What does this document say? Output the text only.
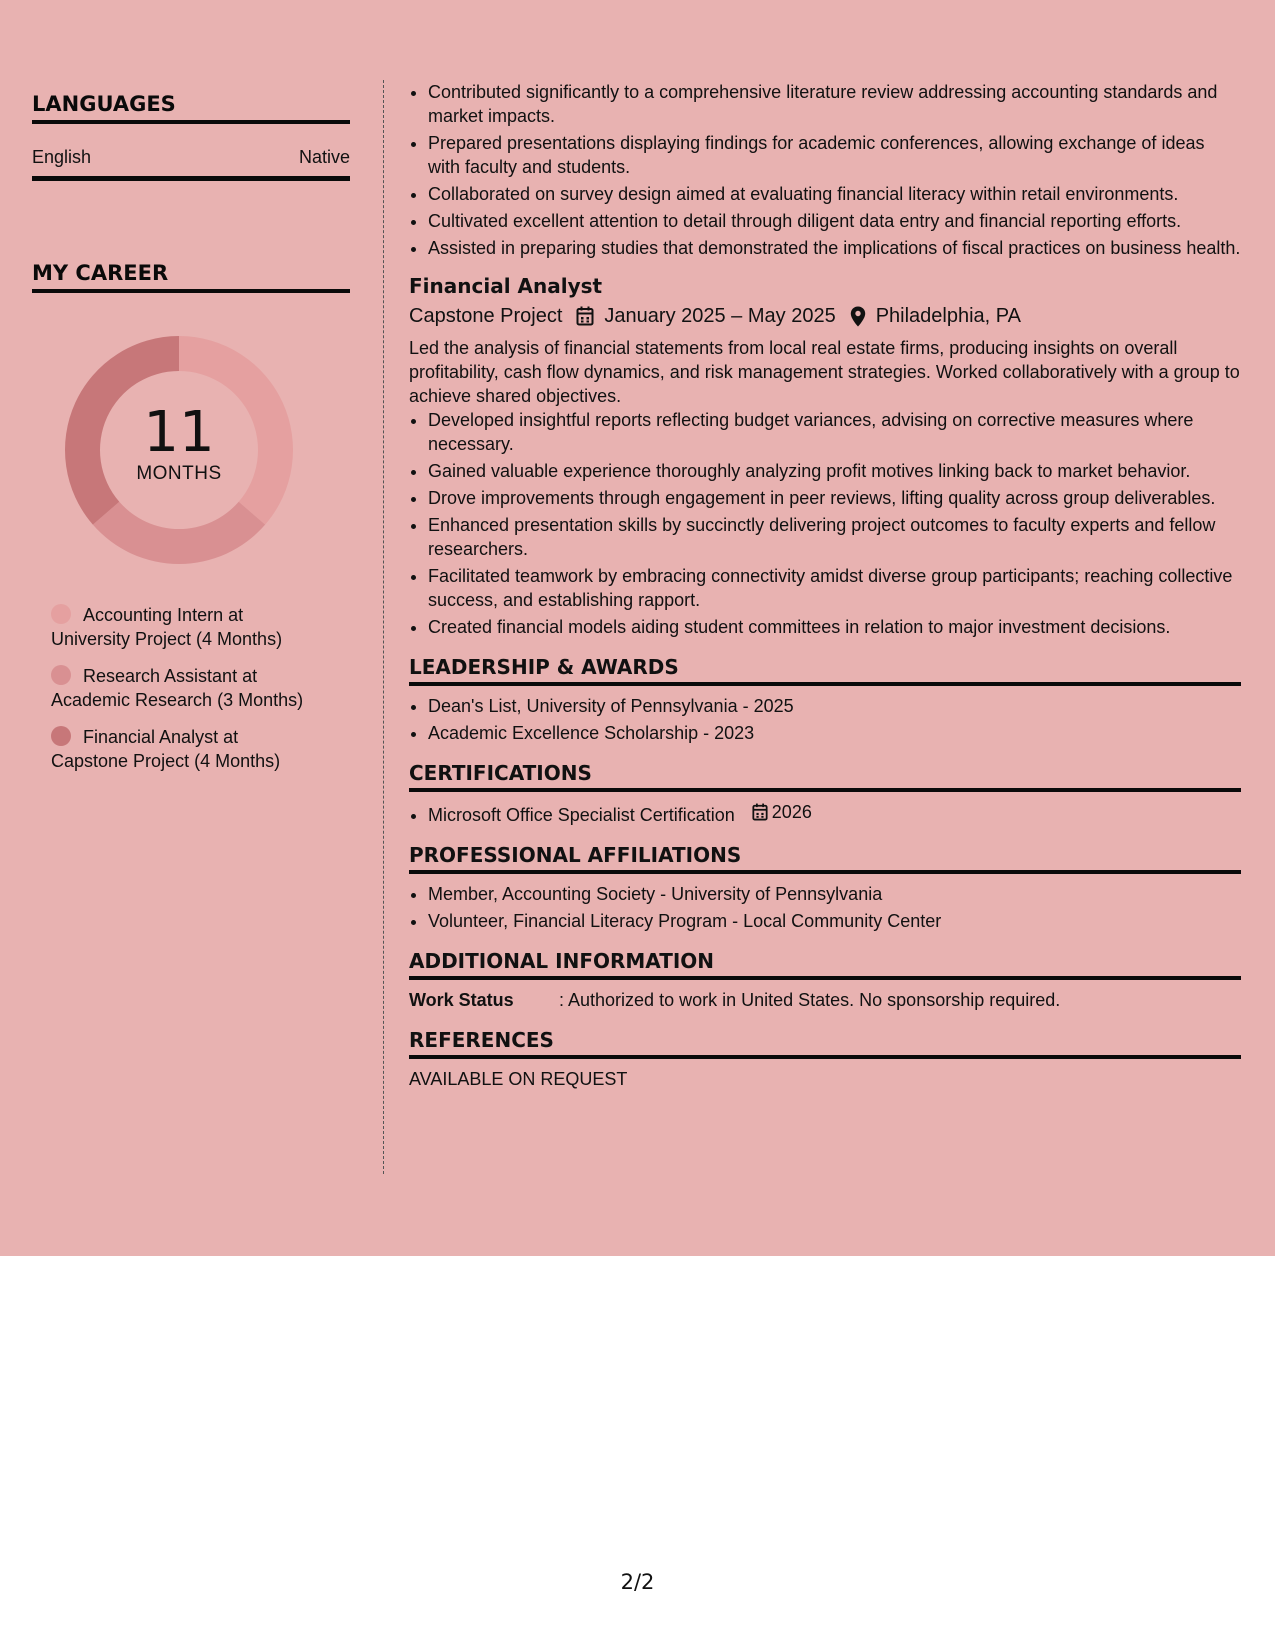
LANGUAGES
English	Native
MY CAREER
11
MONTHS
Accounting Intern at
University Project (4 Months)
Research Assistant at
Academic Research (3 Months)
Financial Analyst at
Capstone Project (4 Months)
• Contributed significantly to a comprehensive literature review addressing accounting standards and market impacts.
• Prepared presentations displaying findings for academic conferences, allowing exchange of ideas with faculty and students.
• Collaborated on survey design aimed at evaluating financial literacy within retail environments.
• Cultivated excellent attention to detail through diligent data entry and financial reporting efforts.
• Assisted in preparing studies that demonstrated the implications of fiscal practices on business health.
Financial Analyst
Capstone Project January 2025 – May 2025 Philadelphia, PA
Led the analysis of financial statements from local real estate firms, producing insights on overall profitability, cash flow dynamics, and risk management strategies. Worked collaboratively with a group to achieve shared objectives.
• Developed insightful reports reflecting budget variances, advising on corrective measures where necessary.
• Gained valuable experience thoroughly analyzing profit motives linking back to market behavior.
• Drove improvements through engagement in peer reviews, lifting quality across group deliverables.
• Enhanced presentation skills by succinctly delivering project outcomes to faculty experts and fellow researchers.
• Facilitated teamwork by embracing connectivity amidst diverse group participants; reaching collective success, and establishing rapport.
• Created financial models aiding student committees in relation to major investment decisions.
LEADERSHIP & AWARDS
• Dean's List, University of Pennsylvania - 2025
• Academic Excellence Scholarship - 2023
CERTIFICATIONS
• Microsoft Office Specialist Certification 2026
PROFESSIONAL AFFILIATIONS
• Member, Accounting Society - University of Pennsylvania
• Volunteer, Financial Literacy Program - Local Community Center
ADDITIONAL INFORMATION
Work Status	: Authorized to work in United States. No sponsorship required.
REFERENCES
AVAILABLE ON REQUEST
2/2
